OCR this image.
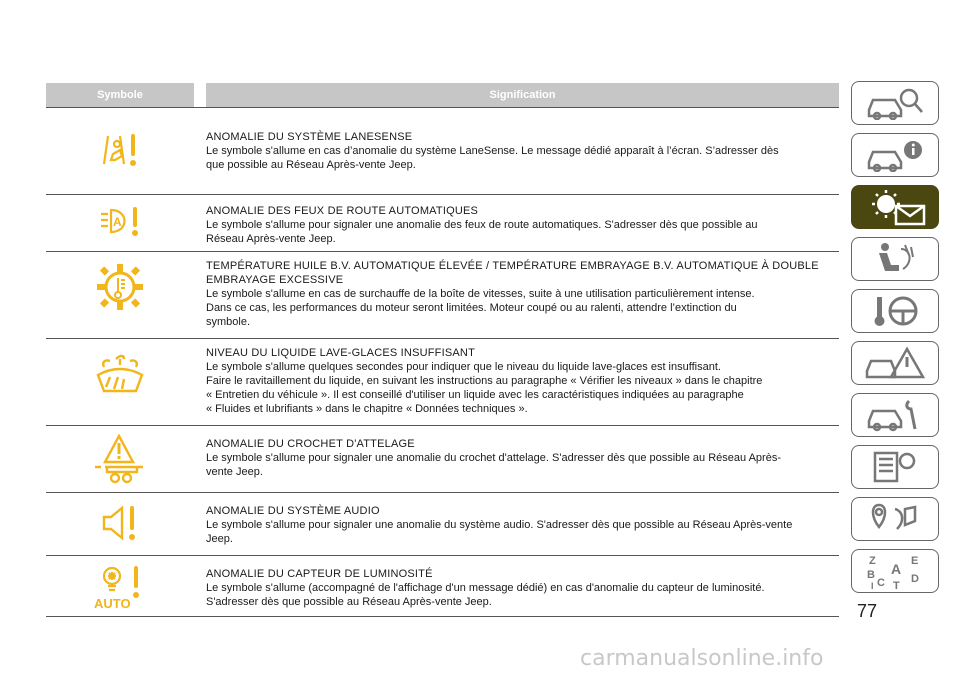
Symbole	Signification

ANOMALIE DU SYSTÈME LANESENSE

Le symbole s'allume en cas d’anomalie du système LaneSense. Le message dédié apparaît à l’écran. S’adresser dès

que possible au Réseau Après-vente Jeep.

A

ANOMALIE DES FEUX DE ROUTE AUTOMATIQUES

Le symbole s'allume pour signaler une anomalie des feux de route automatiques. S'adresser dès que possible au

Réseau Après-vente Jeep.

TEMPÉRATURE HUILE B.V. AUTOMATIQUE ÉLEVÉE / TEMPÉRATURE EMBRAYAGE B.V. AUTOMATIQUE À DOUBLE

EMBRAYAGE EXCESSIVE

Le symbole s'allume en cas de surchauffe de la boîte de vitesses, suite à une utilisation particulièrement intense.

Dans ce cas, les performances du moteur seront limitées. Moteur coupé ou au ralenti, attendre l’extinction du

symbole.

NIVEAU DU LIQUIDE LAVE-GLACES INSUFFISANT

Le symbole s'allume quelques secondes pour indiquer que le niveau du liquide lave-glaces est insuffisant.

Faire le ravitaillement du liquide, en suivant les instructions au paragraphe « Vérifier les niveaux » dans le chapitre

« Entretien du véhicule ». Il est conseillé d'utiliser un liquide avec les caractéristiques indiquées au paragraphe

« Fluides et lubrifiants » dans le chapitre « Données techniques ».

ANOMALIE DU CROCHET D'ATTELAGE

Le symbole s'allume pour signaler une anomalie du crochet d'attelage. S'adresser dès que possible au Réseau Après-

vente Jeep.

ANOMALIE DU SYSTÈME AUDIO

Le symbole s'allume pour signaler une anomalie du système audio. S'adresser dès que possible au Réseau Après-vente

Jeep.

AUTO

ANOMALIE DU CAPTEUR DE LUMINOSITÉ

Le symbole s'allume (accompagné de l'affichage d'un message dédié) en cas d'anomalie du capteur de luminosité.

S'adresser dès que possible au Réseau Après-vente Jeep.

Z	E
A
B
C D
T
I
77
carmanualsonline.info
